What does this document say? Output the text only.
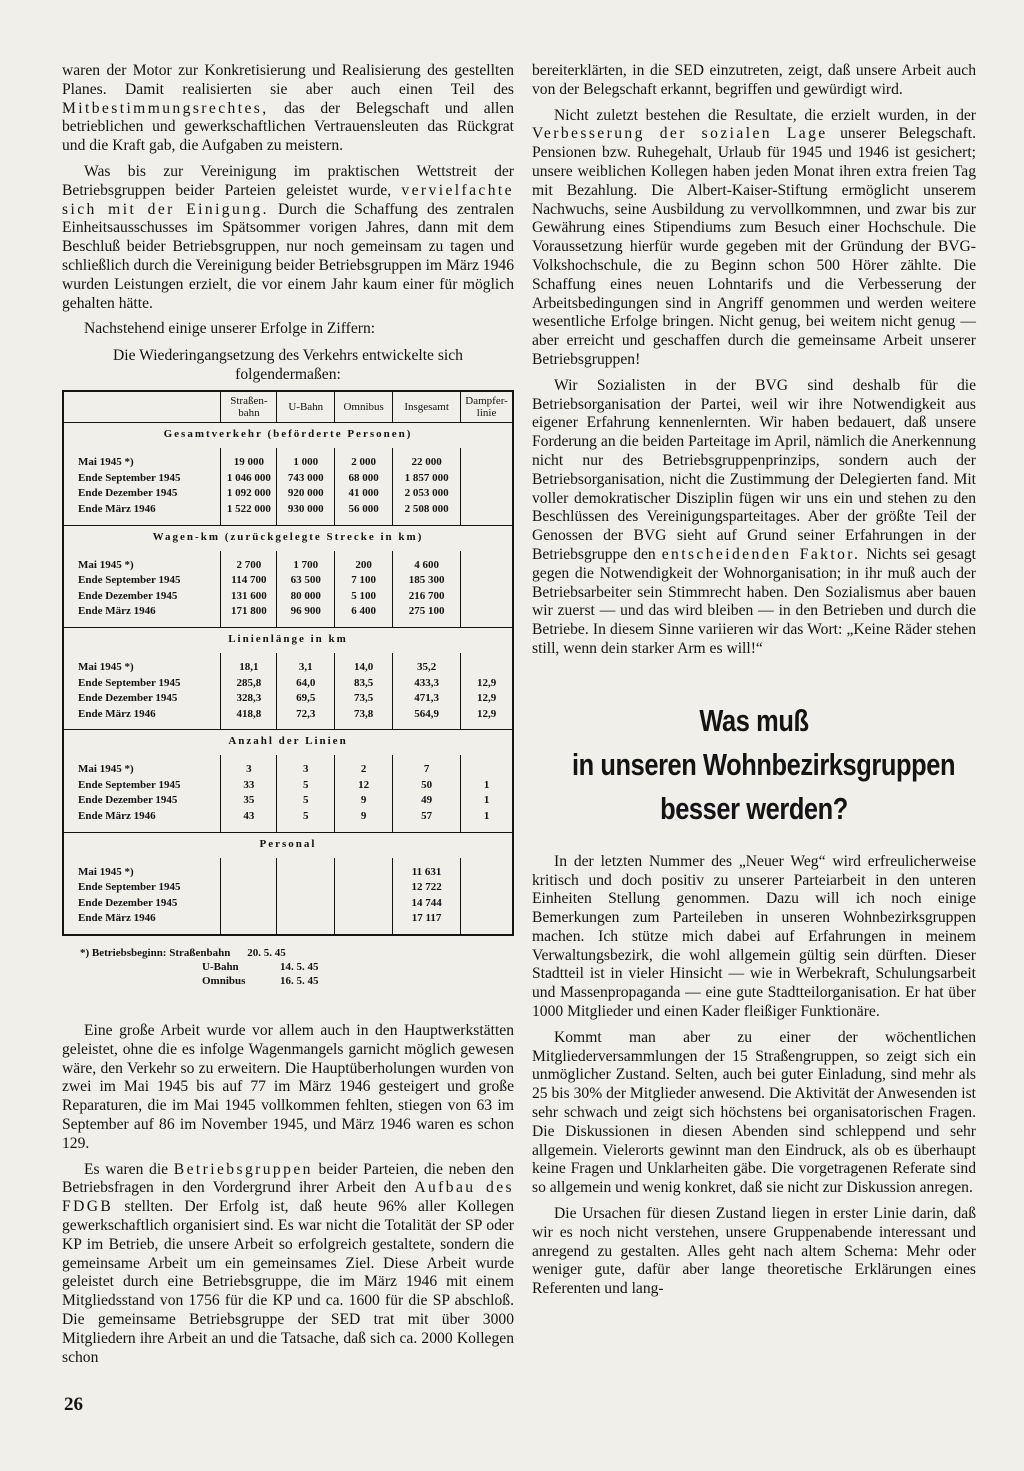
waren der Motor zur Konkretisierung und Realisierung des gestellten Planes. Damit realisierten sie aber auch einen Teil des Mitbestimmungsrechtes, das der Belegschaft und allen betrieblichen und gewerkschaftlichen Vertrauensleuten das Rückgrat und die Kraft gab, die Aufgaben zu meistern.

Was bis zur Vereinigung im praktischen Wettstreit der Betriebsgruppen beider Parteien geleistet wurde, vervielfachte sich mit der Einigung. Durch die Schaffung des zentralen Einheitsausschusses im Spätsommer vorigen Jahres, dann mit dem Beschluß beider Betriebsgruppen, nur noch gemeinsam zu tagen und schließlich durch die Vereinigung beider Betriebsgruppen im März 1946 wurden Leistungen erzielt, die vor einem Jahr kaum einer für möglich gehalten hätte.

Nachstehend einige unserer Erfolge in Ziffern:

Die Wiederingangsetzung des Verkehrs entwickelte sich folgendermaßen:

	Straßen-bahn	U-Bahn	Omnibus	Insgesamt	Dampfer-linie
Gesamtverkehr (beförderte Personen)					

Mai 1945 *)	19 000	1 000	2 000	22 000	
Ende September 1945	1 046 000	743 000	68 000	1 857 000	
Ende Dezember 1945	1 092 000	920 000	41 000	2 053 000	
Ende März 1946	1 522 000	930 000	56 000	2 508 000	

Wagen-km (zurückgelegte Strecke in km)					

Mai 1945 *)	2 700	1 700	200	4 600	
Ende September 1945	114 700	63 500	7 100	185 300	
Ende Dezember 1945	131 600	80 000	5 100	216 700	
Ende März 1946	171 800	96 900	6 400	275 100	

Linienlänge in km					

Mai 1945 *)	18,1	3,1	14,0	35,2	
Ende September 1945	285,8	64,0	83,5	433,3	12,9
Ende Dezember 1945	328,3	69,5	73,5	471,3	12,9
Ende März 1946	418,8	72,3	73,8	564,9	12,9

Anzahl der Linien					

Mai 1945 *)	3	3	2	7	
Ende September 1945	33	5	12	50	1
Ende Dezember 1945	35	5	9	49	1
Ende März 1946	43	5	9	57	1

Personal					

Mai 1945 *)				11 631	
Ende September 1945				12 722	
Ende Dezember 1945				14 744	
Ende März 1946				17 117	

*) Betriebsbeginn: Straßenbahn 20. 5. 45
U-Bahn	14. 5. 45
Omnibus	16. 5. 45

Eine große Arbeit wurde vor allem auch in den Hauptwerkstätten geleistet, ohne die es infolge Wagenmangels garnicht möglich gewesen wäre, den Verkehr so zu erweitern. Die Hauptüberholungen wurden von zwei im Mai 1945 bis auf 77 im März 1946 gesteigert und große Reparaturen, die im Mai 1945 vollkommen fehlten, stiegen von 63 im September auf 86 im November 1945, und März 1946 waren es schon 129.

Es waren die Betriebsgruppen beider Parteien, die neben den Betriebsfragen in den Vordergrund ihrer Arbeit den Aufbau des FDGB stellten. Der Erfolg ist, daß heute 96% aller Kollegen gewerkschaftlich organisiert sind. Es war nicht die Totalität der SP oder KP im Betrieb, die unsere Arbeit so erfolgreich gestaltete, sondern die gemeinsame Arbeit um ein gemeinsames Ziel. Diese Arbeit wurde geleistet durch eine Betriebsgruppe, die im März 1946 mit einem Mitgliedsstand von 1756 für die KP und ca. 1600 für die SP abschloß. Die gemeinsame Betriebsgruppe der SED trat mit über 3000 Mitgliedern ihre Arbeit an und die Tatsache, daß sich ca. 2000 Kollegen schon

bereiterklärten, in die SED einzutreten, zeigt, daß unsere Arbeit auch von der Belegschaft erkannt, begriffen und gewürdigt wird.

Nicht zuletzt bestehen die Resultate, die erzielt wurden, in der Verbesserung der sozialen Lage unserer Belegschaft. Pensionen bzw. Ruhegehalt, Urlaub für 1945 und 1946 ist gesichert; unsere weiblichen Kollegen haben jeden Monat ihren extra freien Tag mit Bezahlung. Die Albert-Kaiser-Stiftung ermöglicht unserem Nachwuchs, seine Ausbildung zu vervollkommnen, und zwar bis zur Gewährung eines Stipendiums zum Besuch einer Hochschule. Die Voraussetzung hierfür wurde gegeben mit der Gründung der BVG-Volkshochschule, die zu Beginn schon 500 Hörer zählte. Die Schaffung eines neuen Lohntarifs und die Verbesserung der Arbeitsbedingungen sind in Angriff genommen und werden weitere wesentliche Erfolge bringen. Nicht genug, bei weitem nicht genug — aber erreicht und geschaffen durch die gemeinsame Arbeit unserer Betriebsgruppen!

Wir Sozialisten in der BVG sind deshalb für die Betriebsorganisation der Partei, weil wir ihre Notwendigkeit aus eigener Erfahrung kennenlernten. Wir haben bedauert, daß unsere Forderung an die beiden Parteitage im April, nämlich die Anerkennung nicht nur des Betriebsgruppenprinzips, sondern auch der Betriebsorganisation, nicht die Zustimmung der Delegierten fand. Mit voller demokratischer Disziplin fügen wir uns ein und stehen zu den Beschlüssen des Vereinigungsparteitages. Aber der größte Teil der Genossen der BVG sieht auf Grund seiner Erfahrungen in der Betriebsgruppe den entscheidenden Faktor. Nichts sei gesagt gegen die Notwendigkeit der Wohnorganisation; in ihr muß auch der Betriebsarbeiter sein Stimmrecht haben. Den Sozialismus aber bauen wir zuerst — und das wird bleiben — in den Betrieben und durch die Betriebe. In diesem Sinne variieren wir das Wort: „Keine Räder stehen still, wenn dein starker Arm es will!“

Was muß
in unseren Wohnbezirksgruppen
besser werden?

In der letzten Nummer des „Neuer Weg“ wird erfreulicherweise kritisch und doch positiv zu unserer Parteiarbeit in den unteren Einheiten Stellung genommen. Dazu will ich noch einige Bemerkungen zum Parteileben in unseren Wohnbezirksgruppen machen. Ich stütze mich dabei auf Erfahrungen in meinem Verwaltungsbezirk, die wohl allgemein gültig sein dürften. Dieser Stadtteil ist in vieler Hinsicht — wie in Werbekraft, Schulungsarbeit und Massenpropaganda — eine gute Stadtteilorganisation. Er hat über 1000 Mitglieder und einen Kader fleißiger Funktionäre.

Kommt man aber zu einer der wöchentlichen Mitgliederversammlungen der 15 Straßengruppen, so zeigt sich ein unmöglicher Zustand. Selten, auch bei guter Einladung, sind mehr als 25 bis 30% der Mitglieder anwesend. Die Aktivität der Anwesenden ist sehr schwach und zeigt sich höchstens bei organisatorischen Fragen. Die Diskussionen in diesen Abenden sind schleppend und sehr allgemein. Vielerorts gewinnt man den Eindruck, als ob es überhaupt keine Fragen und Unklarheiten gäbe. Die vorgetragenen Referate sind so allgemein und wenig konkret, daß sie nicht zur Diskussion anregen.

Die Ursachen für diesen Zustand liegen in erster Linie darin, daß wir es noch nicht verstehen, unsere Gruppenabende interessant und anregend zu gestalten. Alles geht nach altem Schema: Mehr oder weniger gute, dafür aber lange theoretische Erklärungen eines Referenten und lang-

26
